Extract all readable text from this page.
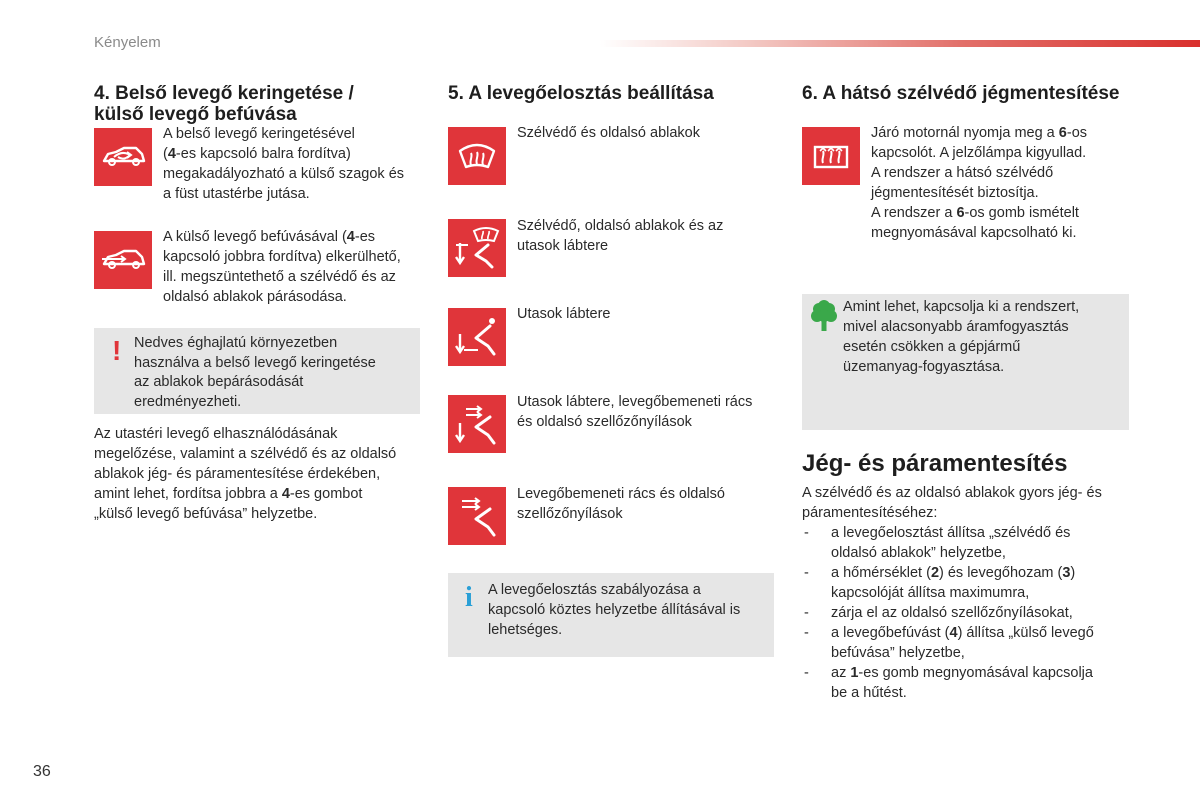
Kényelem
4. Belső levegő keringetése /
külső levegő befúvása
A belső levegő keringetésével
(4-es kapcsoló balra fordítva)
megakadályozható a külső szagok és
a füst utastérbe jutása.
A külső levegő befúvásával (4-es
kapcsoló jobbra fordítva) elkerülhető,
ill. megszüntethető a szélvédő és az
oldalsó ablakok párásodása.
! Nedves éghajlatú környezetben
használva a belső levegő keringetése
az ablakok bepárásodását
eredményezheti.
Az utastéri levegő elhasználódásának
megelőzése, valamint a szélvédő és az oldalsó
ablakok jég- és páramentesítése érdekében,
amint lehet, fordítsa jobbra a 4-es gombot
„külső levegő befúvása” helyzetbe.
5. A levegőelosztás beállítása
Szélvédő és oldalsó ablakok
Szélvédő, oldalsó ablakok és az
utasok lábtere
Utasok lábtere
Utasok lábtere, levegőbemeneti rács
és oldalsó szellőzőnyílások
Levegőbemeneti rács és oldalsó
szellőzőnyílások
i A levegőelosztás szabályozása a
kapcsoló köztes helyzetbe állításával is
lehetséges.
6. A hátsó szélvédő jégmentesítése
Járó motornál nyomja meg a 6-os
kapcsolót. A jelzőlámpa kigyullad.
A rendszer a hátsó szélvédő
jégmentesítését biztosítja.
A rendszer a 6-os gomb ismételt
megnyomásával kapcsolható ki.
Amint lehet, kapcsolja ki a rendszert,
mivel alacsonyabb áramfogyasztás
esetén csökken a gépjármű
üzemanyag-fogyasztása.
Jég- és páramentesítés
A szélvédő és az oldalsó ablakok gyors jég- és
páramentesítéséhez:
- a levegőelosztást állítsa „szélvédő és
oldalsó ablakok” helyzetbe,
- a hőmérséklet (2) és levegőhozam (3)
kapcsolóját állítsa maximumra,
- zárja el az oldalsó szellőzőnyílásokat,
- a levegőbefúvást (4) állítsa „külső levegő
befúvása” helyzetbe,
- az 1-es gomb megnyomásával kapcsolja
be a hűtést.
36
